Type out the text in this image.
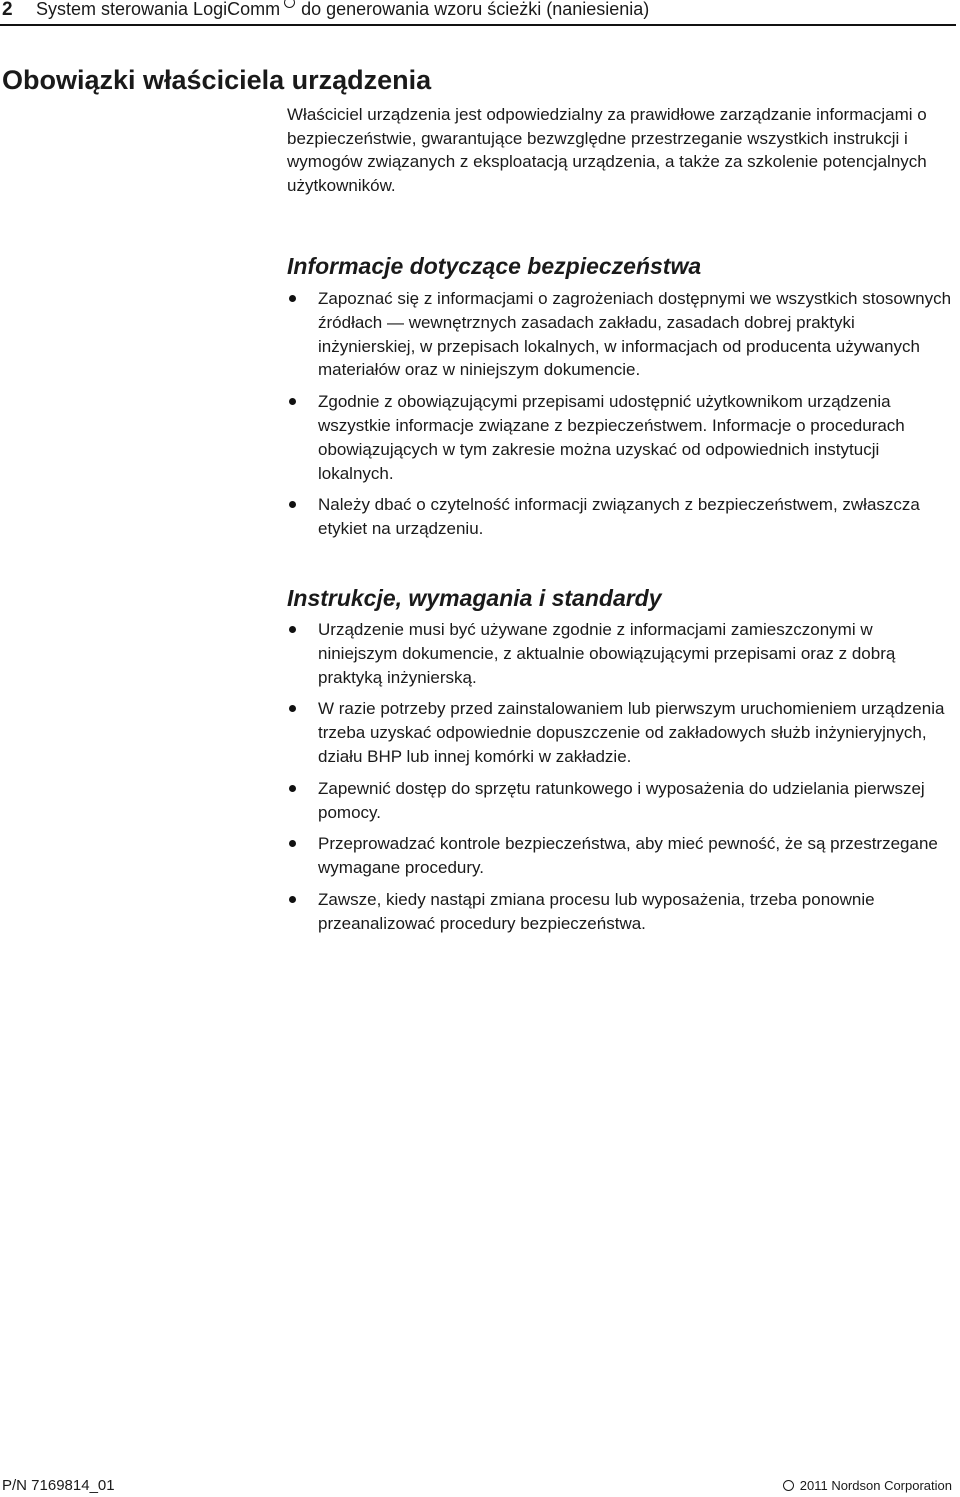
2 System sterowania LogiComm do generowania wzoru ścieżki (naniesienia)
Obowiązki właściciela urządzenia

Właściciel urządzenia jest odpowiedzialny za prawidłowe zarządzanie informacjami o bezpieczeństwie, gwarantujące bezwzględne przestrzeganie wszystkich instrukcji i wymogów związanych z eksploatacją urządzenia, a także za szkolenie potencjalnych użytkowników.

Informacje dotyczące bezpieczeństwa
Zapoznać się z informacjami o zagrożeniach dostępnymi we wszystkich stosownych źródłach — wewnętrznych zasadach zakładu, zasadach dobrej praktyki inżynierskiej, w przepisach lokalnych, w informacjach od producenta używanych materiałów oraz w niniejszym dokumencie.
Zgodnie z obowiązującymi przepisami udostępnić użytkownikom urządzenia wszystkie informacje związane z bezpieczeństwem. Informacje o procedurach obowiązujących w tym zakresie można uzyskać od odpowiednich instytucji lokalnych.
Należy dbać o czytelność informacji związanych z bezpieczeństwem, zwłaszcza etykiet na urządzeniu.
Instrukcje, wymagania i standardy
Urządzenie musi być używane zgodnie z informacjami zamieszczonymi w niniejszym dokumencie, z aktualnie obowiązującymi przepisami oraz z dobrą praktyką inżynierską.
W razie potrzeby przed zainstalowaniem lub pierwszym uruchomieniem urządzenia trzeba uzyskać odpowiednie dopuszczenie od zakładowych służb inżynieryjnych, działu BHP lub innej komórki w zakładzie.
Zapewnić dostęp do sprzętu ratunkowego i wyposażenia do udzielania pierwszej pomocy.
Przeprowadzać kontrole bezpieczeństwa, aby mieć pewność, że są przestrzegane wymagane procedury.
Zawsze, kiedy nastąpi zmiana procesu lub wyposażenia, trzeba ponownie przeanalizować procedury bezpieczeństwa.
P/N 7169814_01	2011 Nordson Corporation
